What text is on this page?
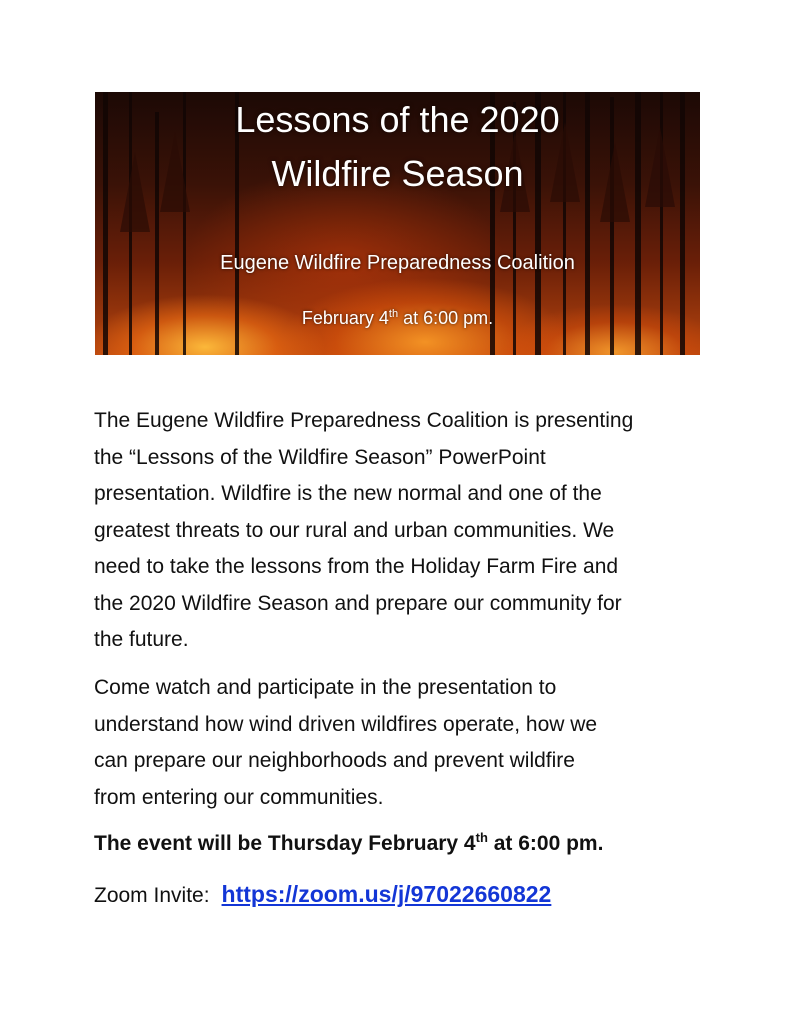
Lessons of the 2020
Wildfire Season
Eugene Wildfire Preparedness Coalition
February 4th at 6:00 pm.
The Eugene Wildfire Preparedness Coalition is presenting
the “Lessons of the Wildfire Season” PowerPoint
presentation. Wildfire is the new normal and one of the
greatest threats to our rural and urban communities. We
need to take the lessons from the Holiday Farm Fire and
the 2020 Wildfire Season and prepare our community for
the future.
Come watch and participate in the presentation to
understand how wind driven wildfires operate, how we
can prepare our neighborhoods and prevent wildfire
from entering our communities.
The event will be Thursday February 4th at 6:00 pm.
Zoom Invite: https://zoom.us/j/97022660822
